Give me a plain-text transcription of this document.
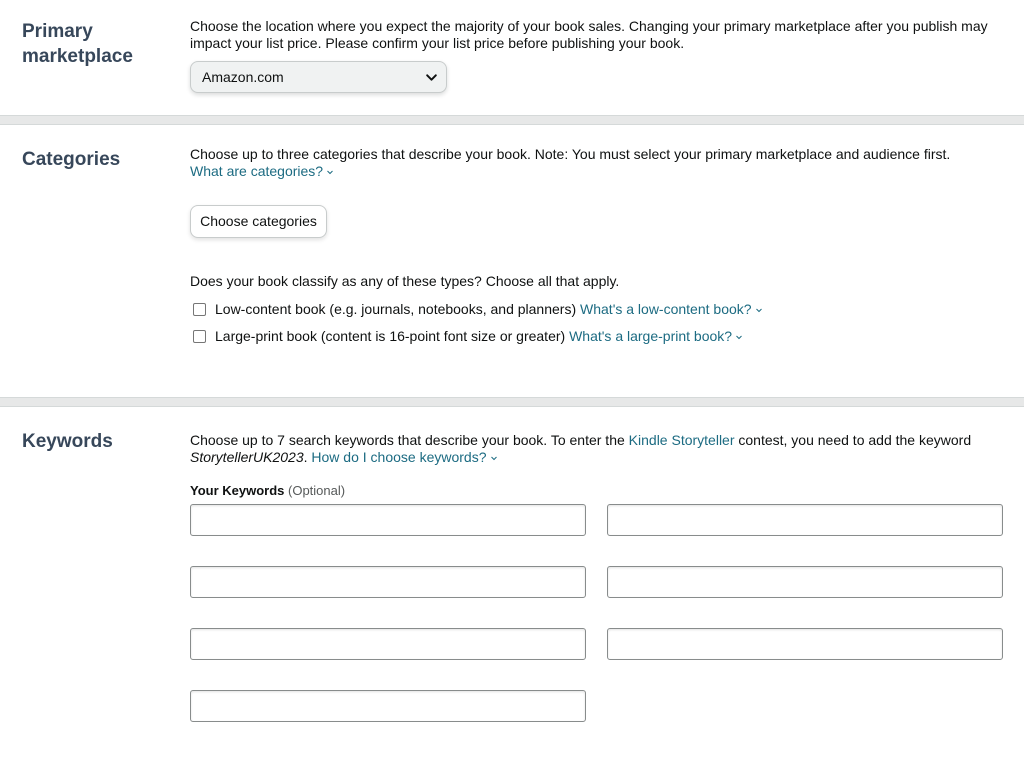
Primary marketplace
Choose the location where you expect the majority of your book sales. Changing your primary marketplace after you publish may impact your list price. Please confirm your list price before publishing your book.
Amazon.com
Categories	Choose up to three categories that describe your book. Note: You must select your primary marketplace and audience first.
What are categories?
Choose categories
Does your book classify as any of these types? Choose all that apply.
Low-content book (e.g. journals, notebooks, and planners)
What's a low-content book?
Large-print book (content is 16-point font size or greater)
What's a large-print book?
Keywords	Choose up to 7 search keywords that describe your book. To enter the Kindle Storyteller contest, you need to add the keyword StorytellerUK2023. How do I choose keywords?
Your Keywords (Optional)
